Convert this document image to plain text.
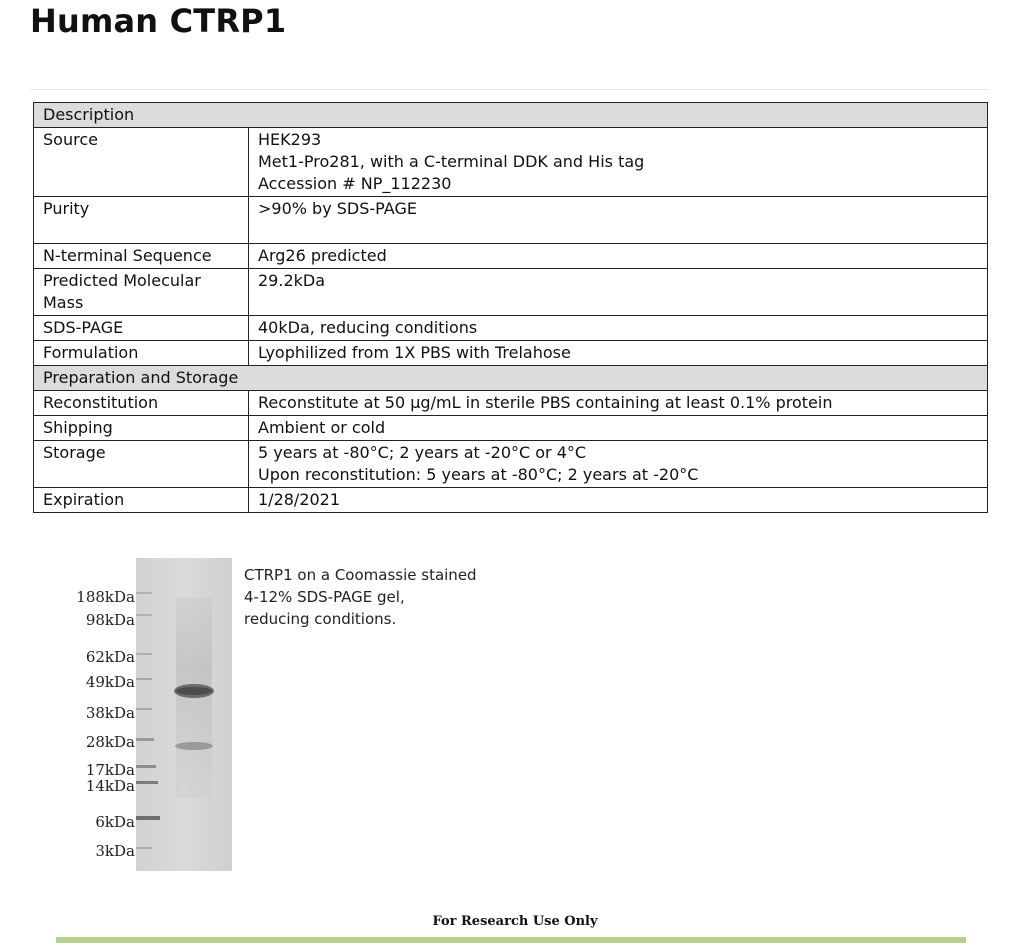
Human CTRP1
Description	
Source	HEK293
Met1-Pro281, with a C-terminal DDK and His tag
Accession # NP_112230

Purity	>90% by SDS-PAGE

N-terminal Sequence	Arg26 predicted

Predicted Molecular Mass	29.2kDa

SDS-PAGE	40kDa, reducing conditions

Formulation	Lyophilized from 1X PBS with Trelahose

Preparation and Storage	
Reconstitution	Reconstitute at 50 µg/mL in sterile PBS containing at least 0.1% protein

Shipping	Ambient or cold

Storage	5 years at -80°C; 2 years at -20°C or 4°C
Upon reconstitution: 5 years at -80°C; 2 years at -20°C

Expiration	1/28/2021
188kDa
98kDa
62kDa
49kDa
38kDa
28kDa
17kDa
14kDa
6kDa
3kDa
CTRP1 on a Coomassie stained
4-12% SDS-PAGE gel,
reducing conditions.
For Research Use Only
